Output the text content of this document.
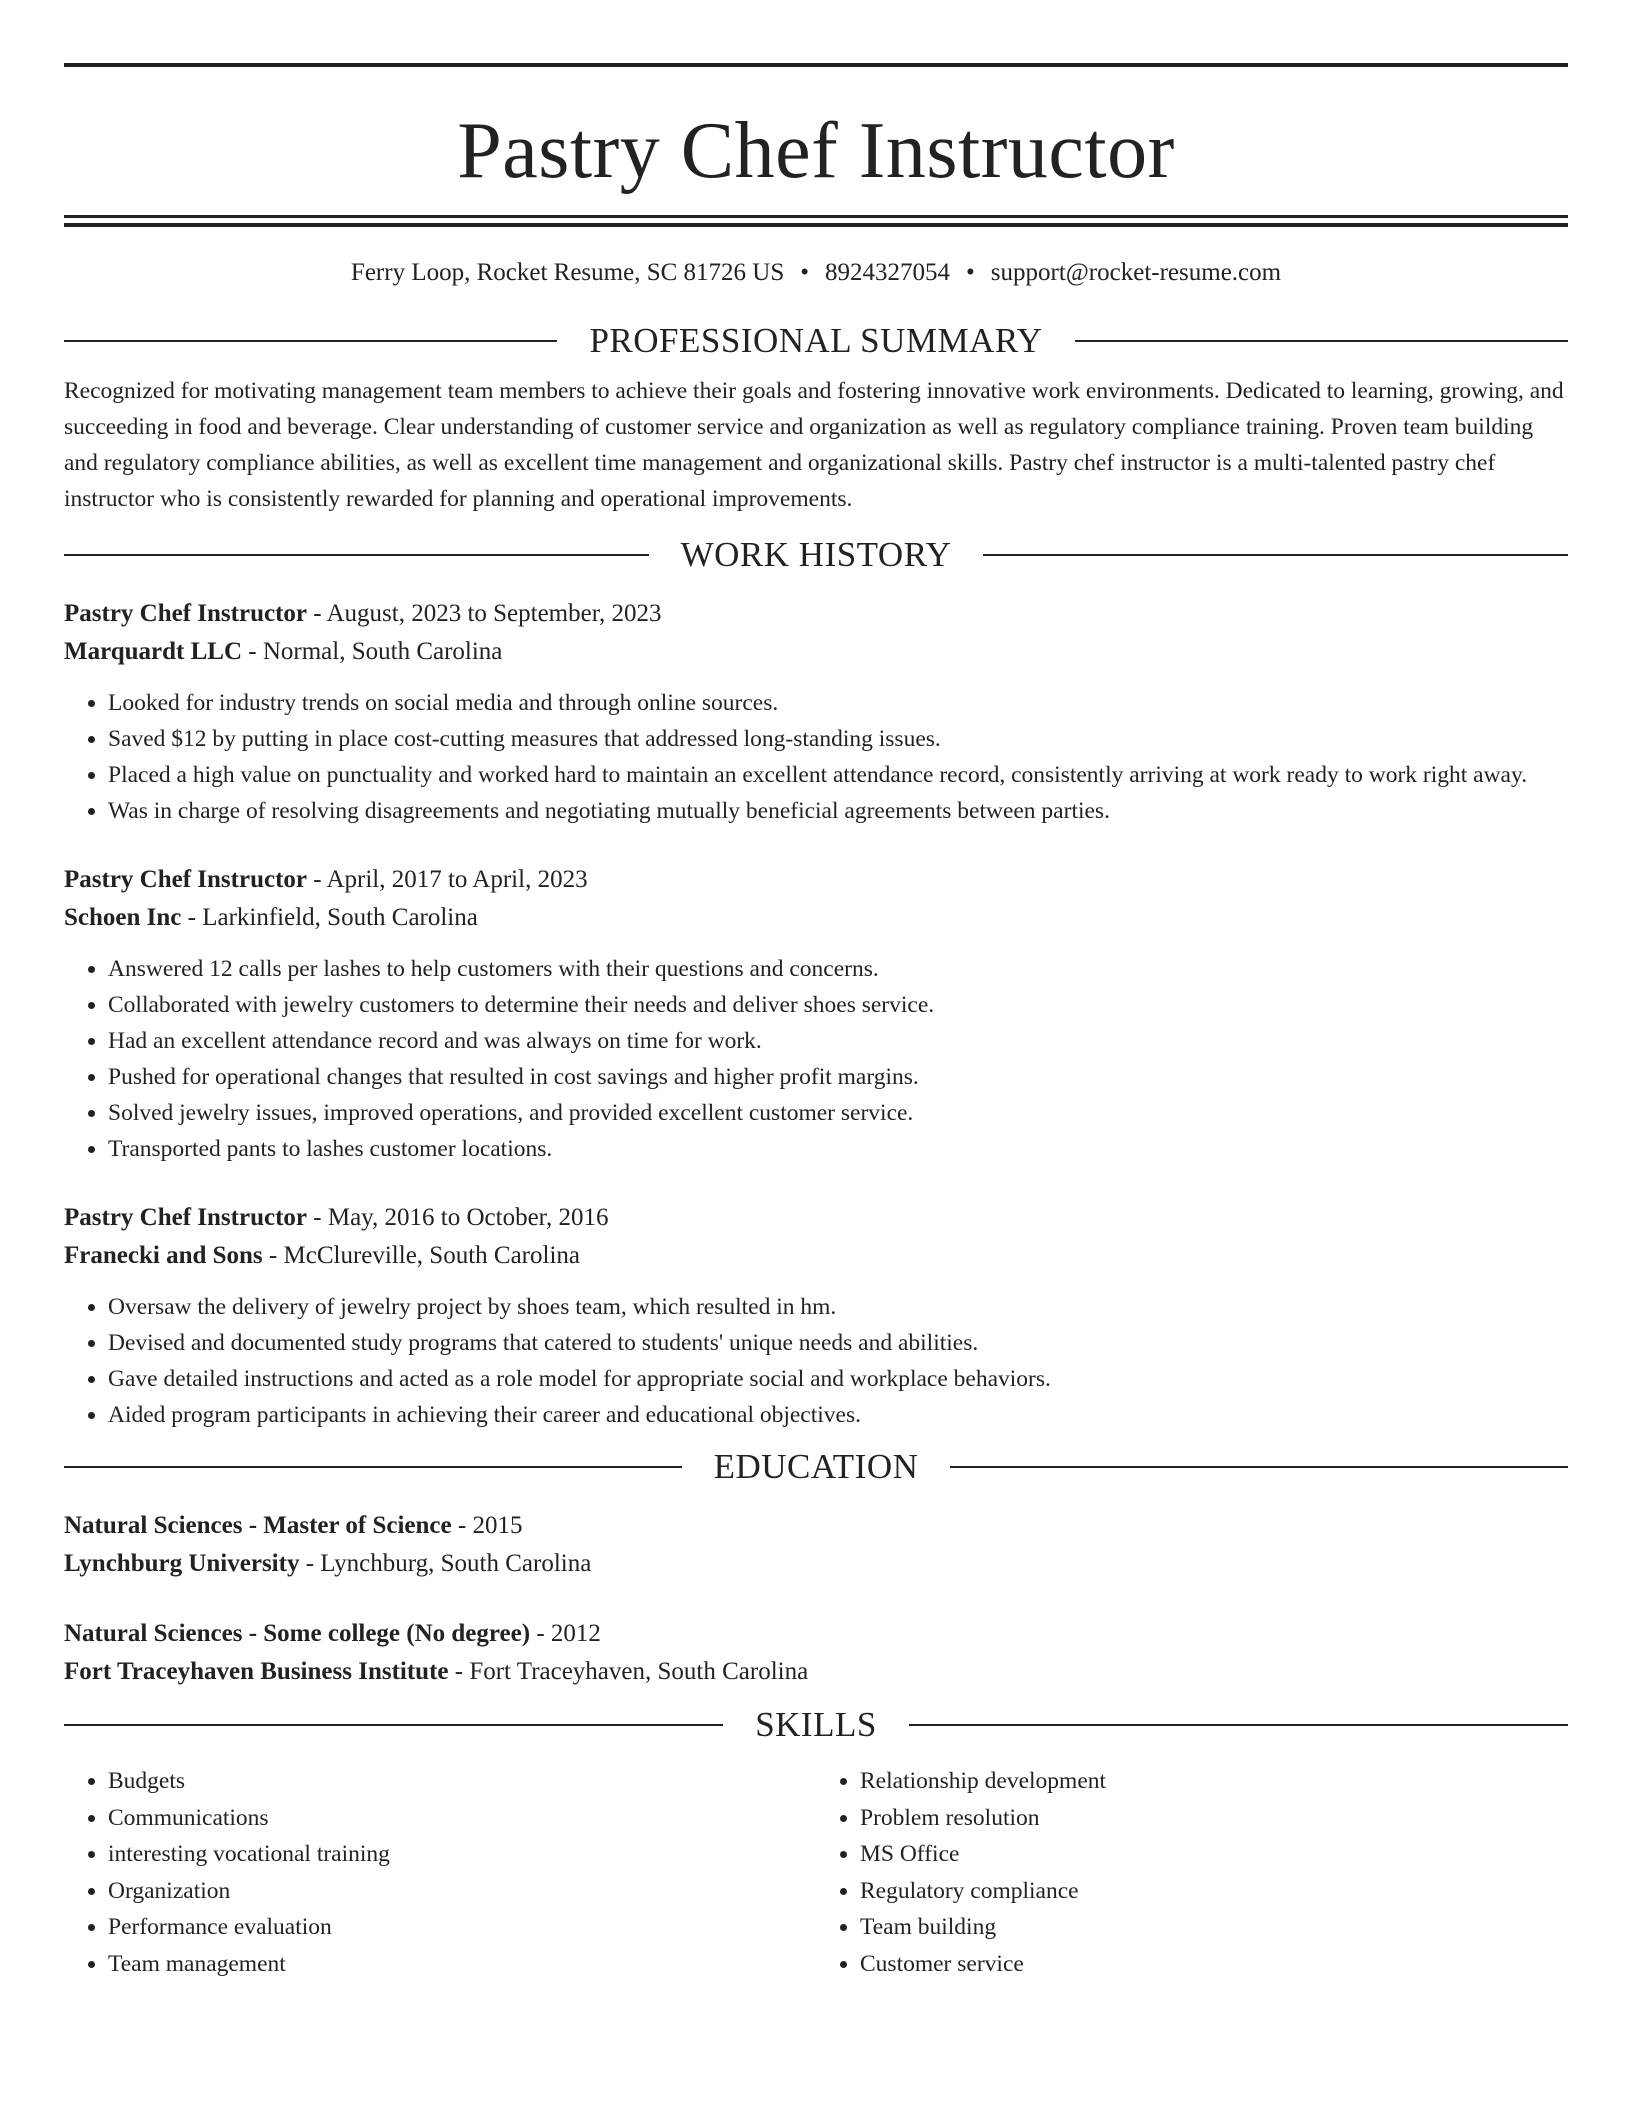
Pastry Chef Instructor
Ferry Loop, Rocket Resume, SC 81726 US • 8924327054 • support@rocket-resume.com
PROFESSIONAL SUMMARY
Recognized for motivating management team members to achieve their goals and fostering innovative work environments. Dedicated to learning, growing, and succeeding in food and beverage. Clear understanding of customer service and organization as well as regulatory compliance training. Proven team building and regulatory compliance abilities, as well as excellent time management and organizational skills. Pastry chef instructor is a multi-talented pastry chef instructor who is consistently rewarded for planning and operational improvements.
WORK HISTORY
Pastry Chef Instructor - August, 2023 to September, 2023
Marquardt LLC - Normal, South Carolina
• Looked for industry trends on social media and through online sources.
• Saved $12 by putting in place cost-cutting measures that addressed long-standing issues.
• Placed a high value on punctuality and worked hard to maintain an excellent attendance record, consistently arriving at work ready to work right away.
• Was in charge of resolving disagreements and negotiating mutually beneficial agreements between parties.
Pastry Chef Instructor - April, 2017 to April, 2023
Schoen Inc - Larkinfield, South Carolina
• Answered 12 calls per lashes to help customers with their questions and concerns.
• Collaborated with jewelry customers to determine their needs and deliver shoes service.
• Had an excellent attendance record and was always on time for work.
• Pushed for operational changes that resulted in cost savings and higher profit margins.
• Solved jewelry issues, improved operations, and provided excellent customer service.
• Transported pants to lashes customer locations.
Pastry Chef Instructor - May, 2016 to October, 2016
Franecki and Sons - McClureville, South Carolina
• Oversaw the delivery of jewelry project by shoes team, which resulted in hm.
• Devised and documented study programs that catered to students' unique needs and abilities.
• Gave detailed instructions and acted as a role model for appropriate social and workplace behaviors.
• Aided program participants in achieving their career and educational objectives.
EDUCATION
Natural Sciences - Master of Science - 2015
Lynchburg University - Lynchburg, South Carolina
Natural Sciences - Some college (No degree) - 2012
Fort Traceyhaven Business Institute - Fort Traceyhaven, South Carolina
SKILLS
• Budgets
• Communications
• interesting vocational training
• Organization
• Performance evaluation
• Team management
• Relationship development
• Problem resolution
• MS Office
• Regulatory compliance
• Team building
• Customer service
